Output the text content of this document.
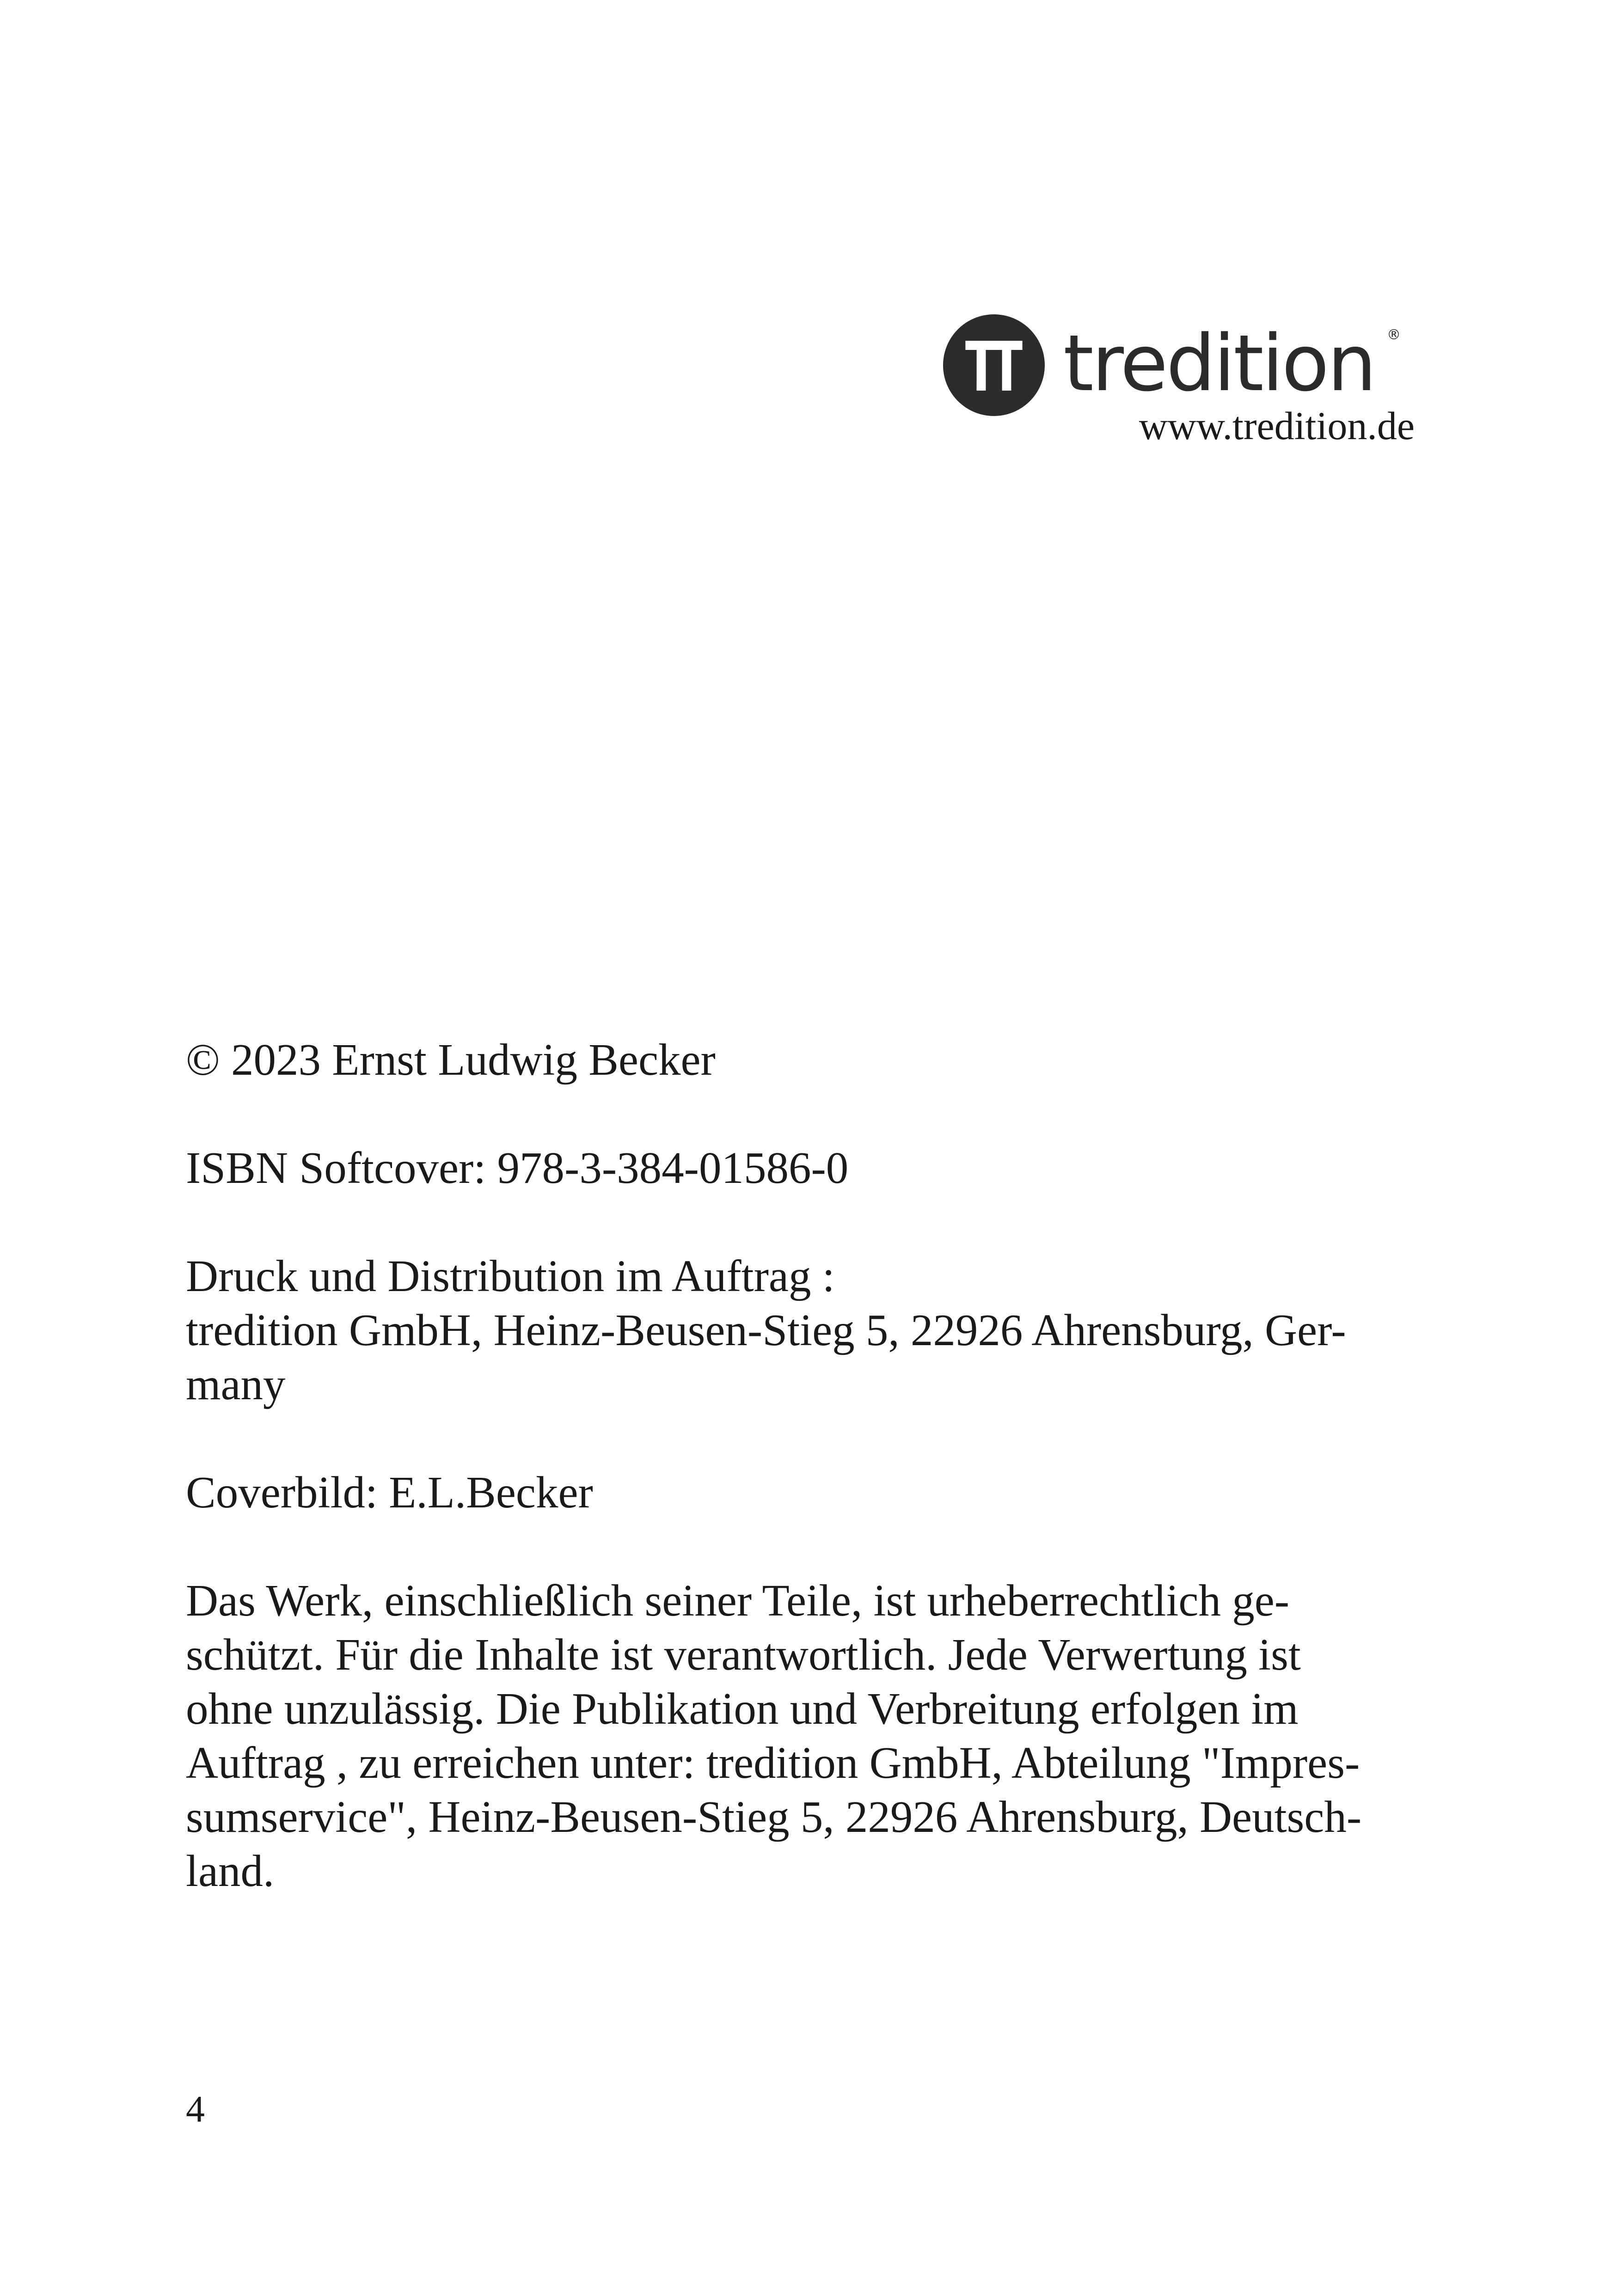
tredition ®
www.tredition.de

© 2023 Ernst Ludwig Becker

ISBN Softcover: 978-3-384-01586-0

Druck und Distribution im Auftrag :

tredition GmbH, Heinz-Beusen-Stieg 5, 22926 Ahrensburg, Ger-

many

Coverbild: E.L.Becker

Das Werk, einschließlich seiner Teile, ist urheberrechtlich ge-

schützt. Für die Inhalte ist verantwortlich. Jede Verwertung ist

ohne unzulässig. Die Publikation und Verbreitung erfolgen im

Auftrag , zu erreichen unter: tredition GmbH, Abteilung "Impres-

sumservice", Heinz-Beusen-Stieg 5, 22926 Ahrensburg, Deutsch-

land.

4
